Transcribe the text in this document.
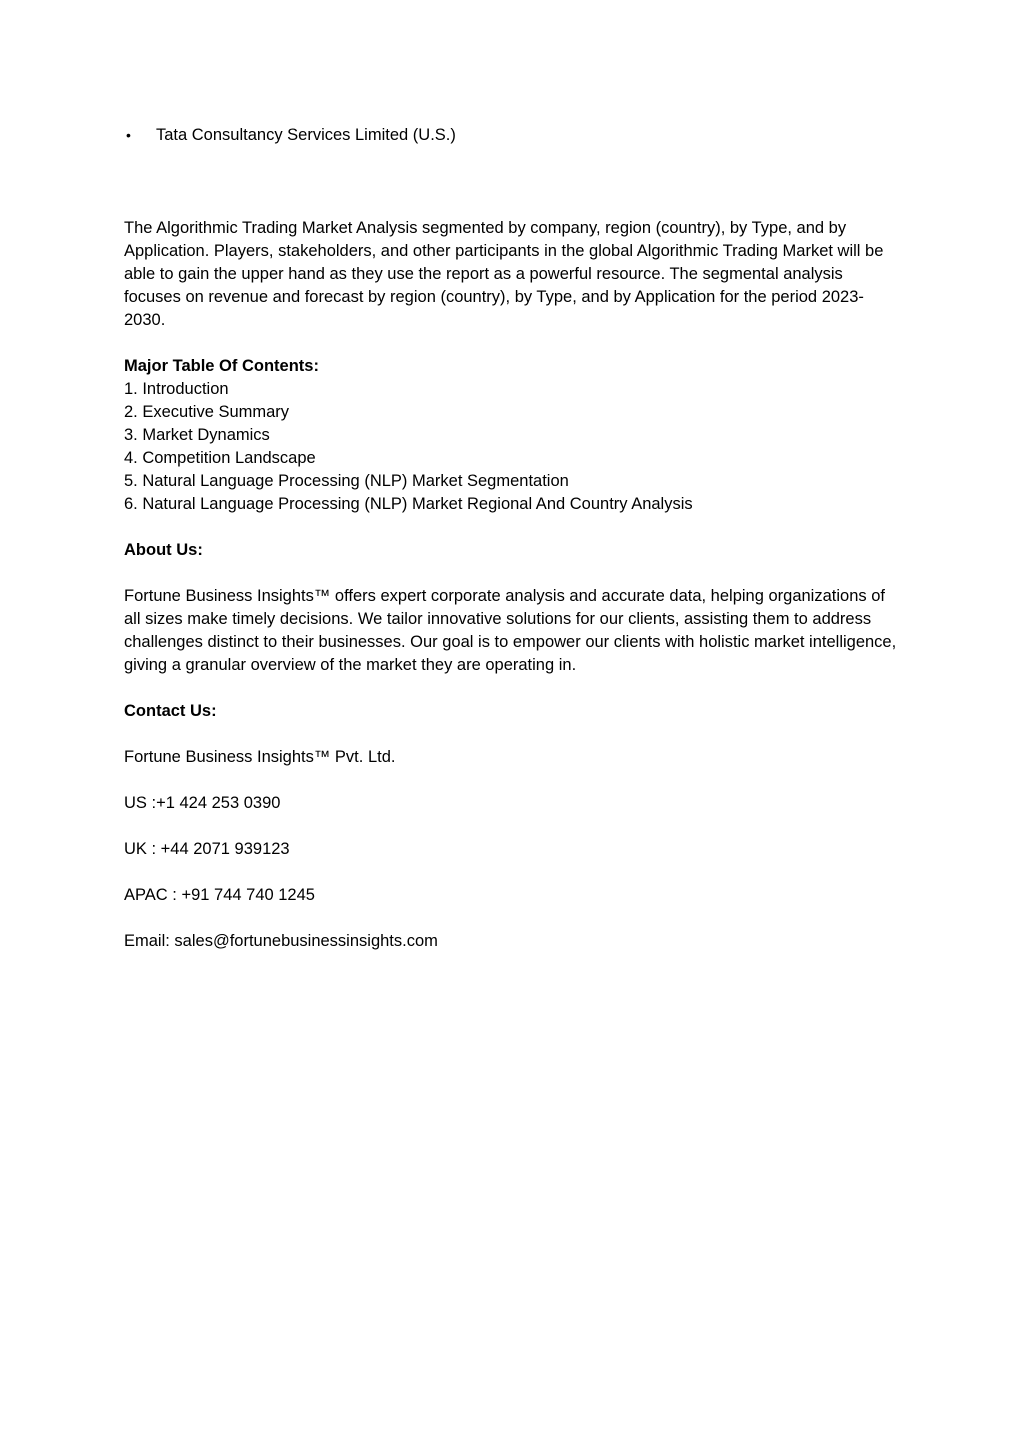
•	Tata Consultancy Services Limited (U.S.)

The Algorithmic Trading Market Analysis segmented by company, region (country), by Type, and by Application. Players, stakeholders, and other participants in the global Algorithmic Trading Market will be able to gain the upper hand as they use the report as a powerful resource. The segmental analysis focuses on revenue and forecast by region (country), by Type, and by Application for the period 2023-2030.

Major Table Of Contents:

1. Introduction

2. Executive Summary

3. Market Dynamics

4. Competition Landscape

5. Natural Language Processing (NLP) Market Segmentation

6. Natural Language Processing (NLP) Market Regional And Country Analysis

About Us:

Fortune Business Insights™ offers expert corporate analysis and accurate data, helping organizations of all sizes make timely decisions. We tailor innovative solutions for our clients, assisting them to address challenges distinct to their businesses. Our goal is to empower our clients with holistic market intelligence, giving a granular overview of the market they are operating in.

Contact Us:

Fortune Business Insights™ Pvt. Ltd.

US :+1 424 253 0390

UK : +44 2071 939123

APAC : +91 744 740 1245

Email: sales@fortunebusinessinsights.com
